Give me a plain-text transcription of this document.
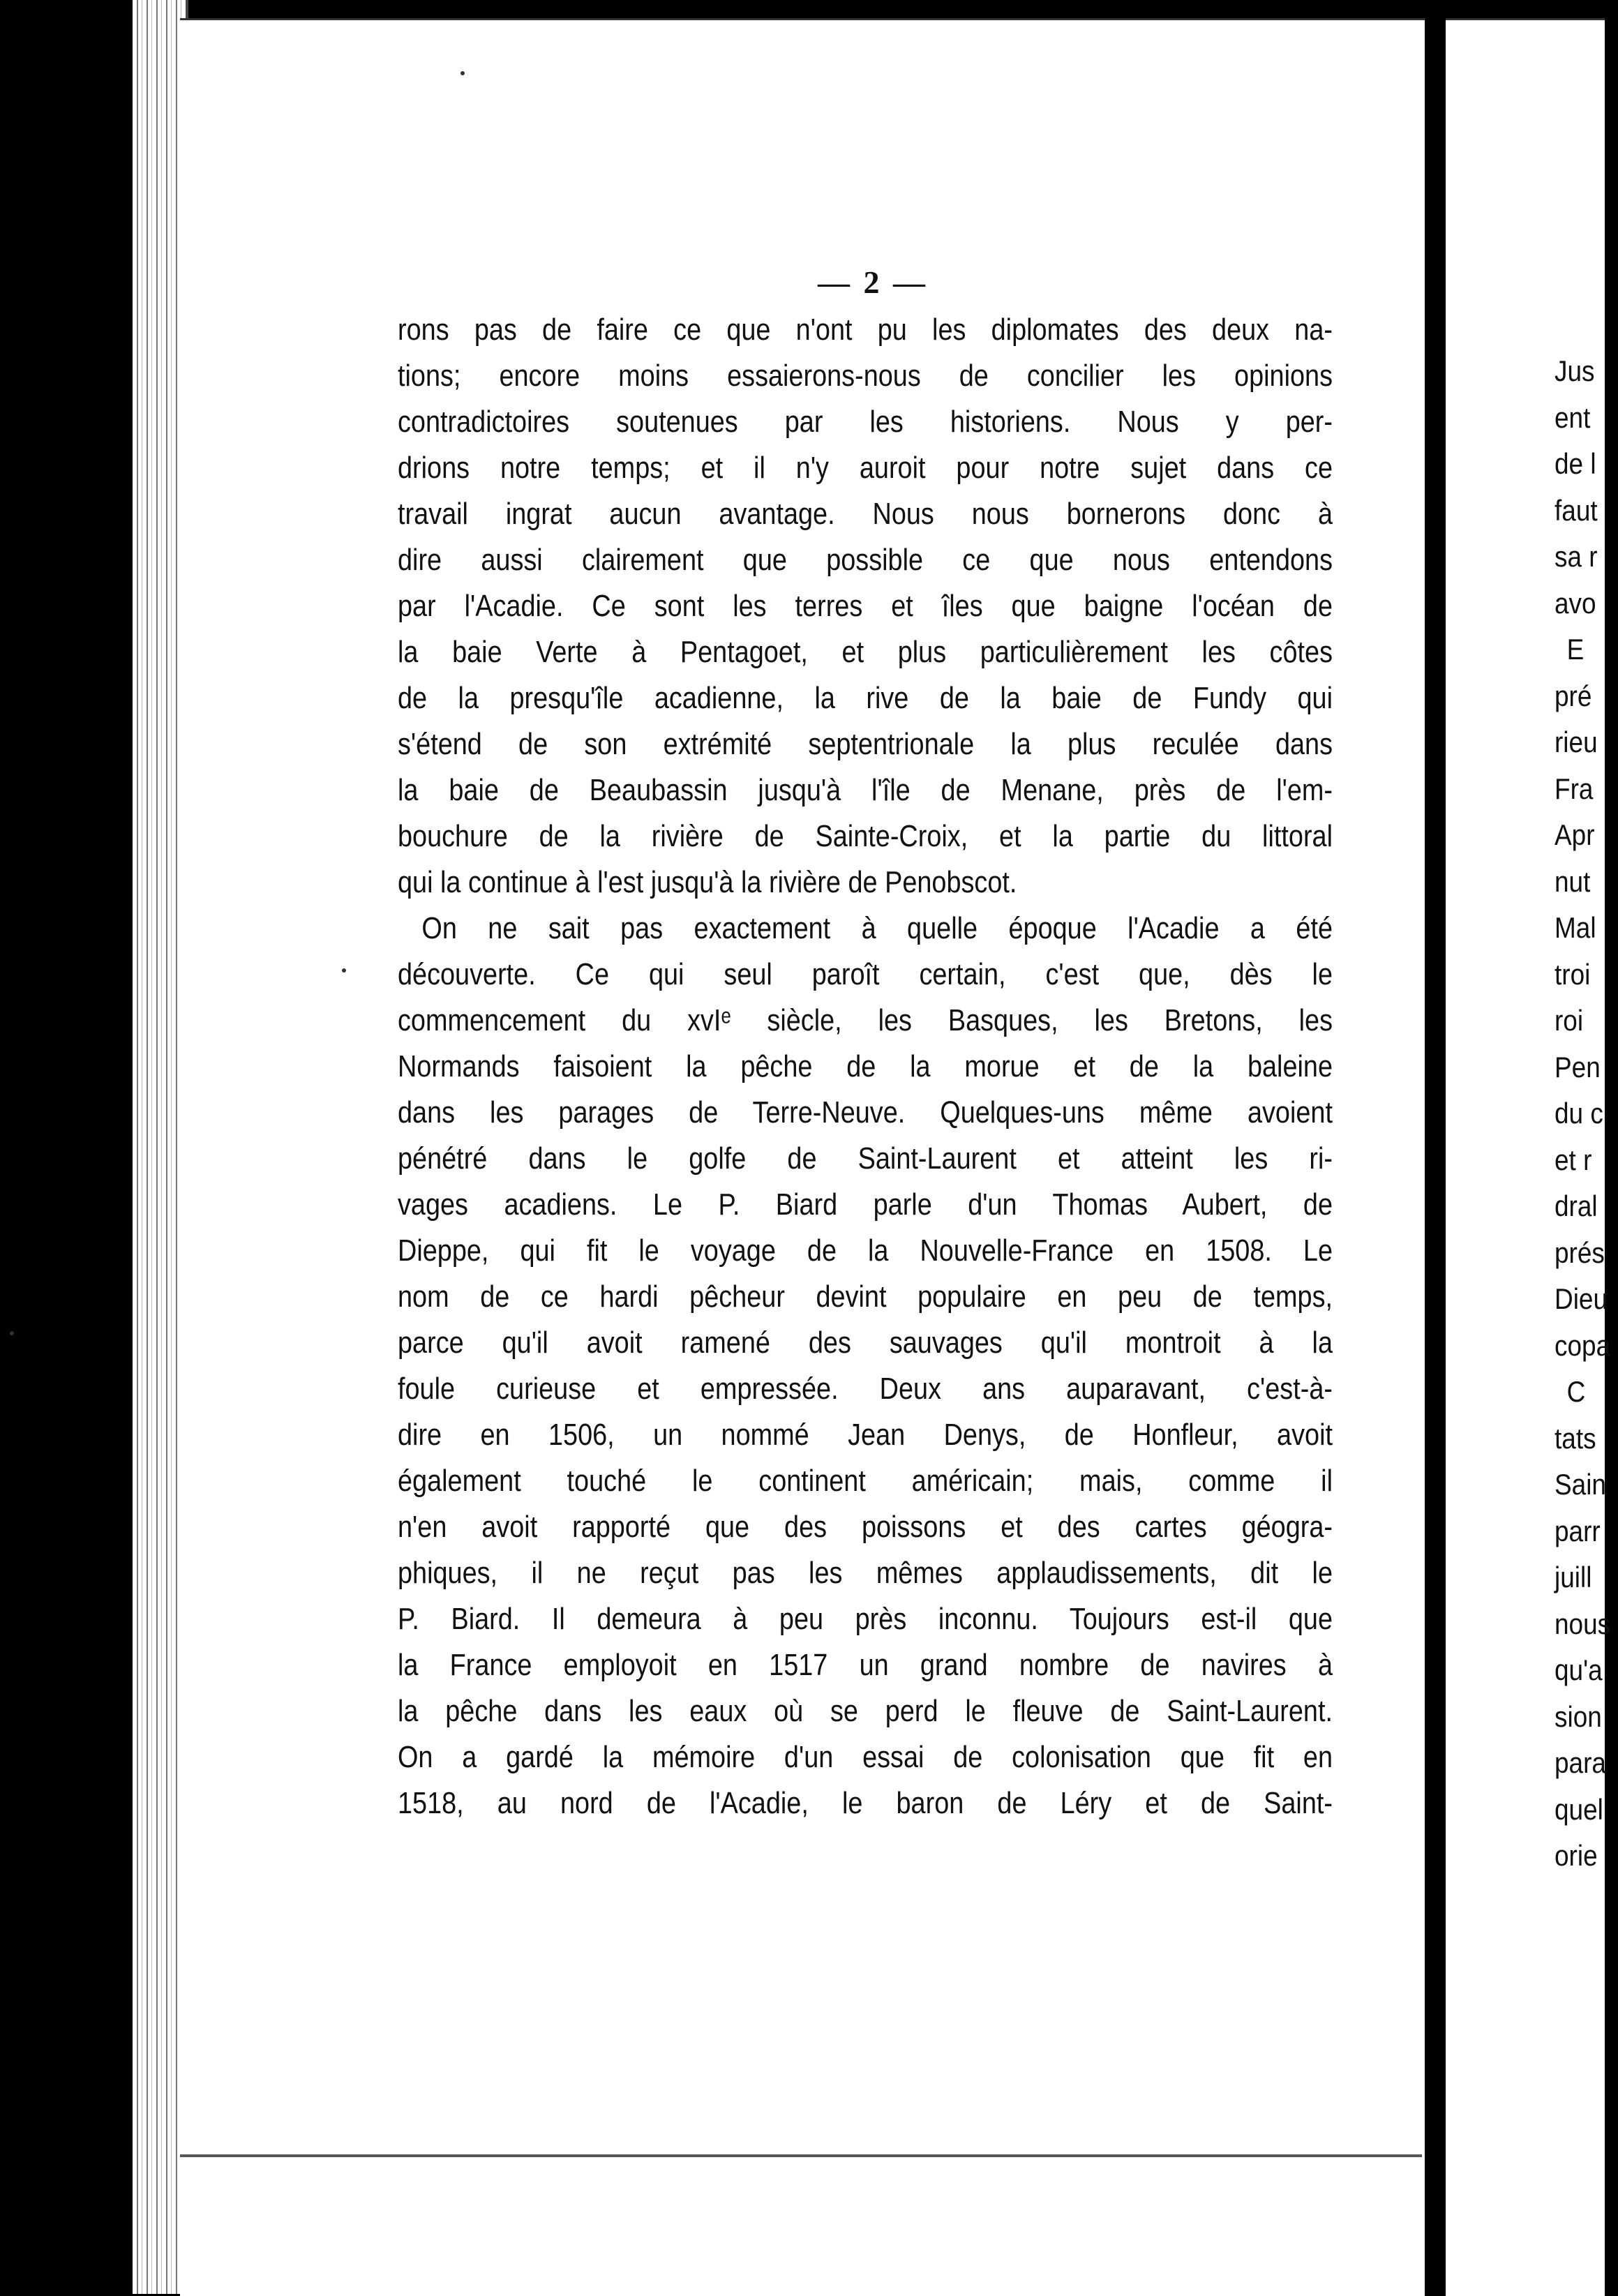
— 2 —
rons pas de faire ce que n'ont pu les diplomates des deux na-
tions; encore moins essaierons-nous de concilier les opinions
contradictoires soutenues par les historiens. Nous y per-
drions notre temps; et il n'y auroit pour notre sujet dans ce
travail ingrat aucun avantage. Nous nous bornerons donc à
dire aussi clairement que possible ce que nous entendons
par l'Acadie. Ce sont les terres et îles que baigne l'océan de
la baie Verte à Pentagoet, et plus particulièrement les côtes
de la presqu'île acadienne, la rive de la baie de Fundy qui
s'étend de son extrémité septentrionale la plus reculée dans
la baie de Beaubassin jusqu'à l'île de Menane, près de l'em-
bouchure de la rivière de Sainte-Croix, et la partie du littoral
qui la continue à l'est jusqu'à la rivière de Penobscot.
On ne sait pas exactement à quelle époque l'Acadie a été
découverte. Ce qui seul paroît certain, c'est que, dès le
commencement du xvIᵉ siècle, les Basques, les Bretons, les
Normands faisoient la pêche de la morue et de la baleine
dans les parages de Terre-Neuve. Quelques-uns même avoient
pénétré dans le golfe de Saint-Laurent et atteint les ri-
vages acadiens. Le P. Biard parle d'un Thomas Aubert, de
Dieppe, qui fit le voyage de la Nouvelle-France en 1508. Le
nom de ce hardi pêcheur devint populaire en peu de temps,
parce qu'il avoit ramené des sauvages qu'il montroit à la
foule curieuse et empressée. Deux ans auparavant, c'est-à-
dire en 1506, un nommé Jean Denys, de Honfleur, avoit
également touché le continent américain; mais, comme il
n'en avoit rapporté que des poissons et des cartes géogra-
phiques, il ne reçut pas les mêmes applaudissements, dit le
P. Biard. Il demeura à peu près inconnu. Toujours est-il que
la France employoit en 1517 un grand nombre de navires à
la pêche dans les eaux où se perd le fleuve de Saint-Laurent.
On a gardé la mémoire d'un essai de colonisation que fit en
1518, au nord de l'Acadie, le baron de Léry et de Saint-
Jus
ent
de l
faut
sa r
avo
E
pré
rieu
Fra
Apr
nut
Mal
troi
roi
Pen
du c
et r
dral
prés
Dieu
copa
C
tats
Sain
parr
juill
nous
qu'a
sion
para
quel
orie
